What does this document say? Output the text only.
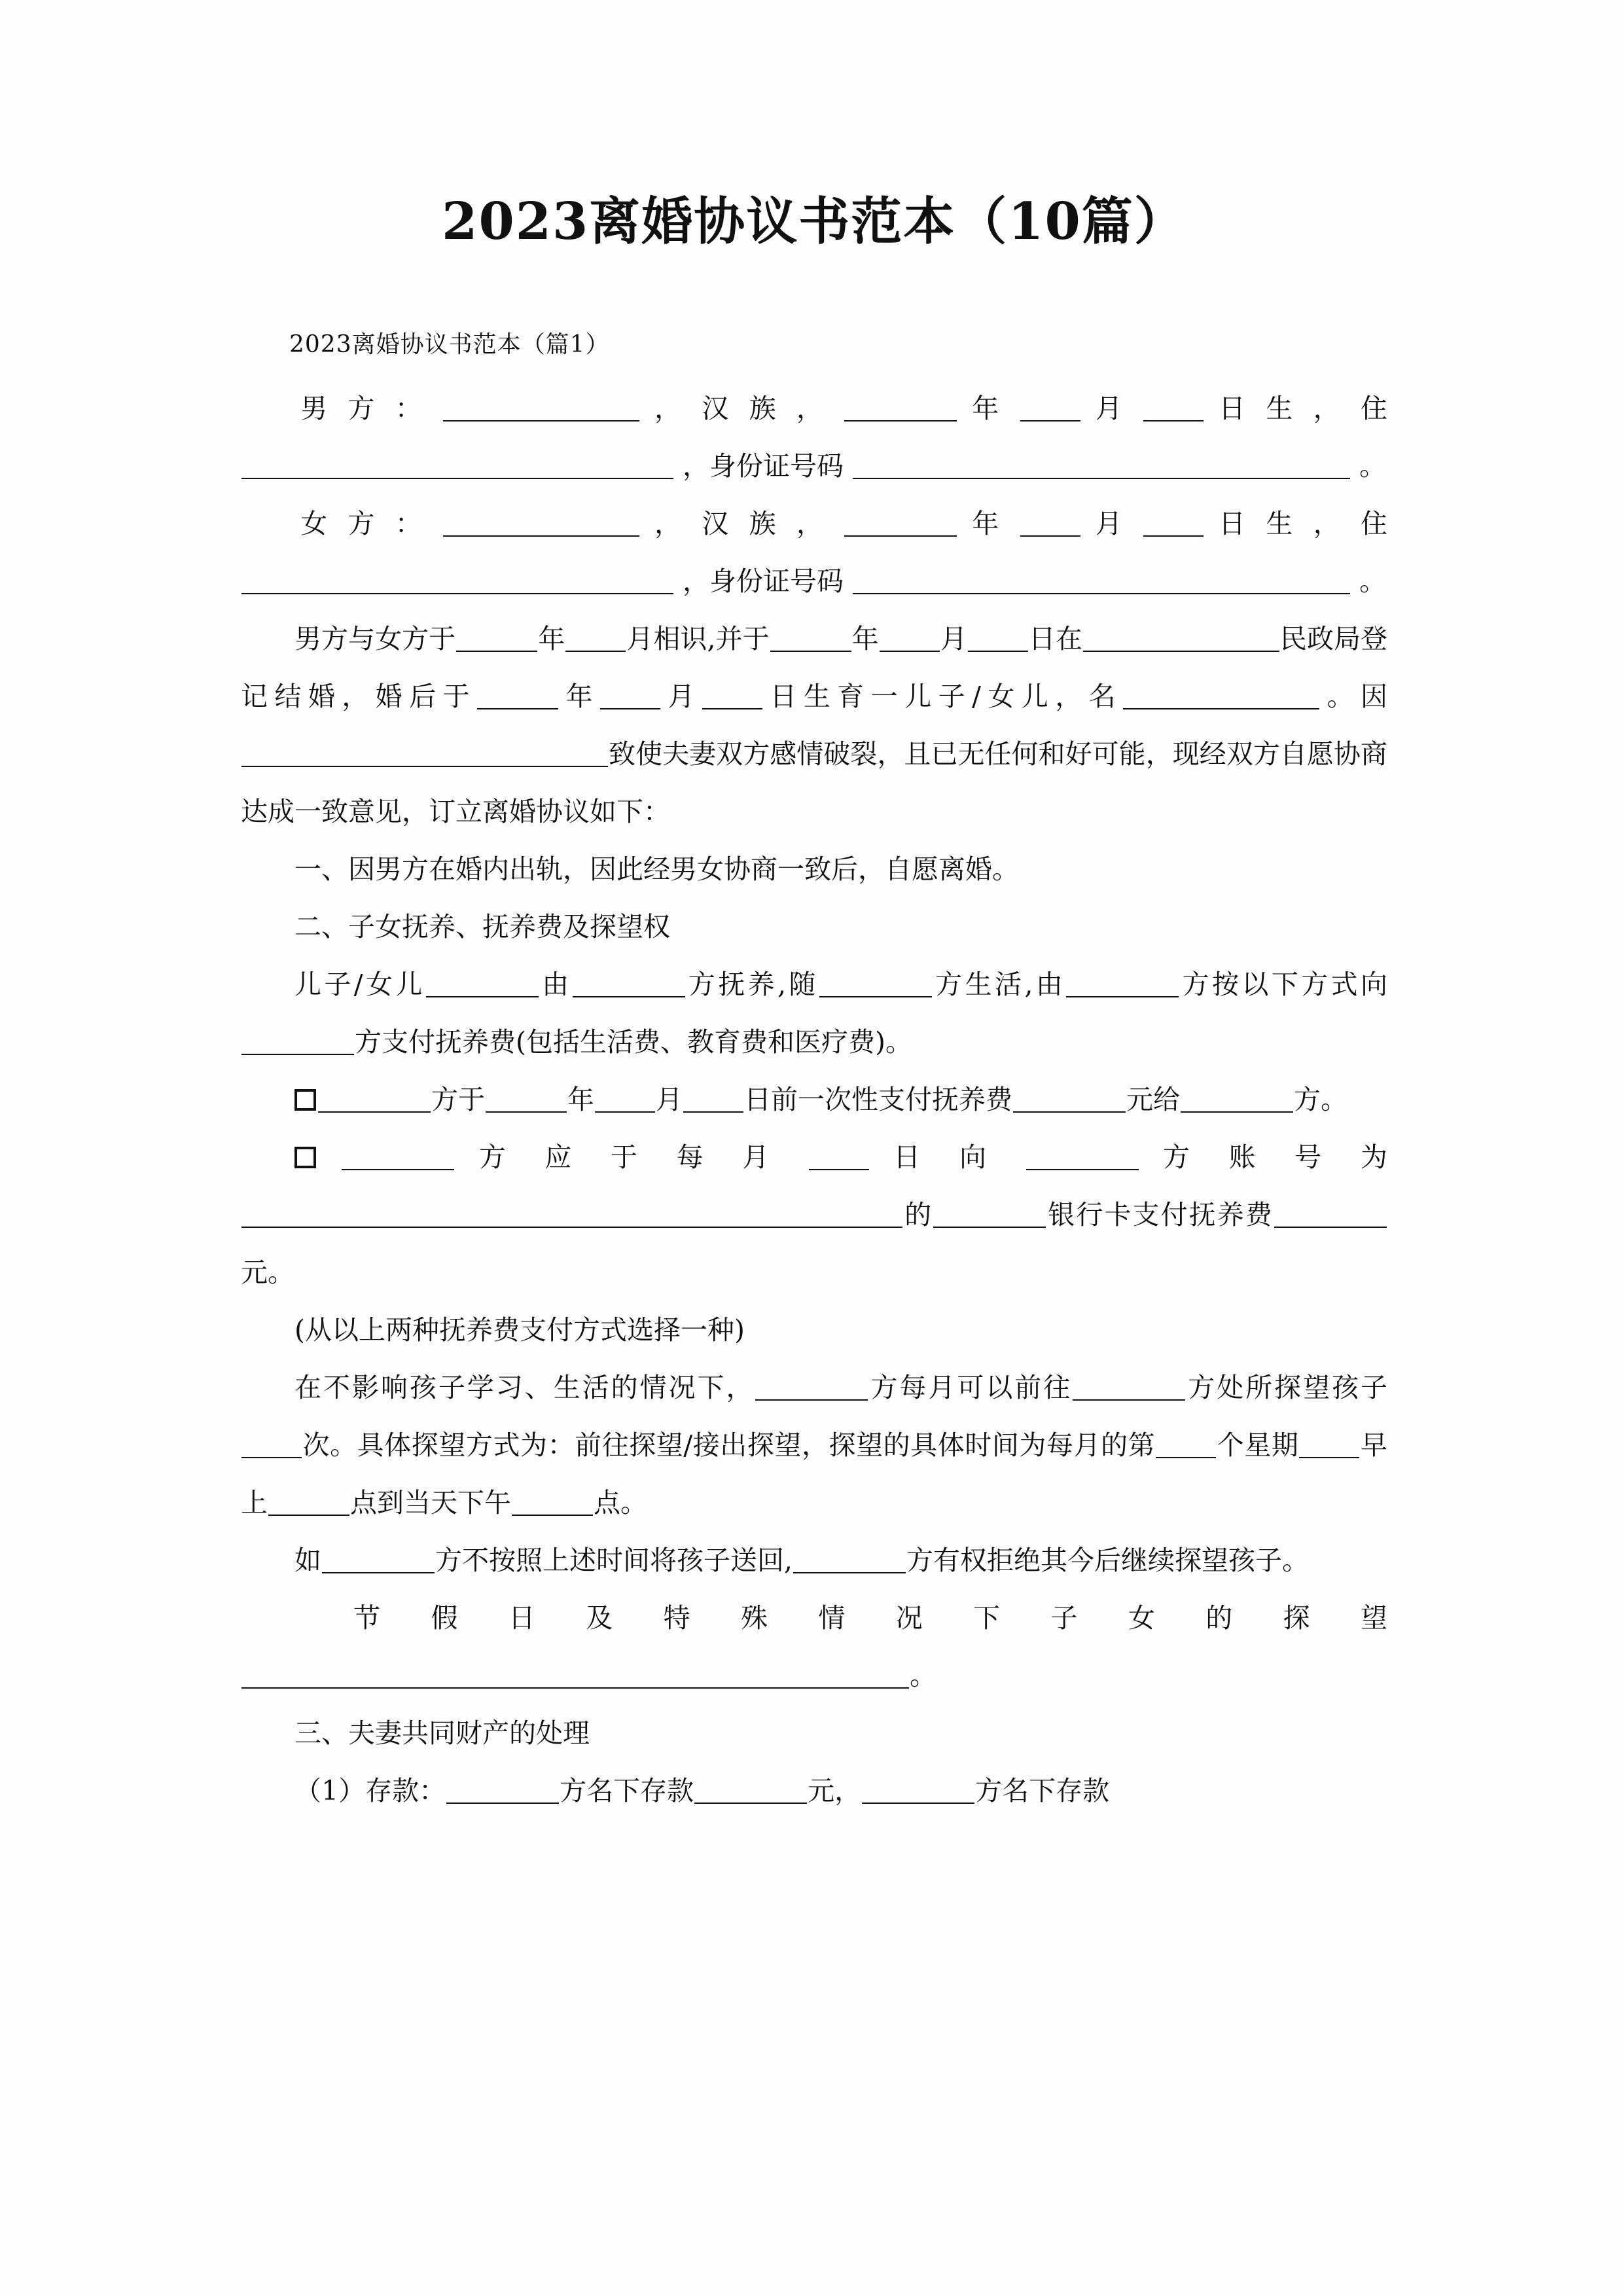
2023离婚协议书范本（10篇）

2023离婚协议书范本（篇1）

男 方 ：	， 汉 族 ，	年	月	日 生 ， 住

，身份证号码	。

女 方 ：	， 汉 族 ，	年	月	日 生 ， 住

，身份证号码	。

男方与女方于	年 月相识,并于	年 月 日在	民政局登记结婚，婚后于	年 月 日生育一儿子/女儿，名	。因致使夫妻双方感情破裂，且已无任何和好可能，现经双方自愿协商达成一致意见，订立离婚协议如下：

一、因男方在婚内出轨，因此经男女协商一致后，自愿离婚。

二、子女抚养、抚养费及探望权

儿子/女儿	由	方抚养,随	方生活,由	方按以下方式向方支付抚养费(包括生活费、教育费和医疗费)。

方于	年 月 日前一次性支付抚养费	元给	方。

方 应 于 每 月	日 向	方 账 号 为

的	银行卡支付抚养费元。

(从以上两种抚养费支付方式选择一种)

在不影响孩子学习、生活的情况下，	方每月可以前往	方处所探望孩子次。具体探望方式为：前往探望/接出探望，探望的具体时间为每月的第 个星期 早上	点到当天下午	点。

如	方不按照上述时间将孩子送回,	方有权拒绝其今后继续探望孩子。

节 假 日 及 特 殊 情 况 下 子 女 的 探 望

。

三、夫妻共同财产的处理

（1）存款：	方名下存款	元，	方名下存款
